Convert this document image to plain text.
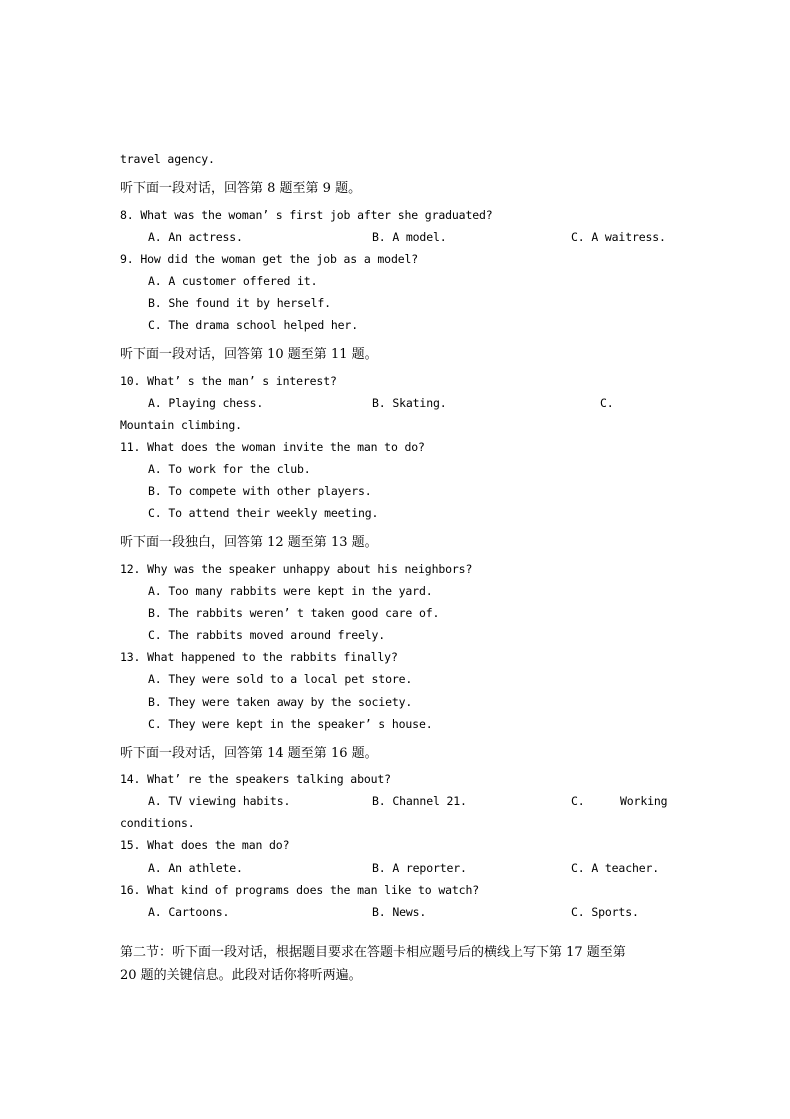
travel agency.
听下面一段对话，回答第 8 题至第 9 题。
8. What was the woman’ s first job after she graduated?
A. An actress.	B. A model.	C. A waitress.
9. How did the woman get the job as a model?
A. A customer offered it.
B. She found it by herself.
C. The drama school helped her.
听下面一段对话，回答第 10 题至第 11 题。
10. What’ s the man’ s interest?
A. Playing chess.	B. Skating.	C.
Mountain climbing.
11. What does the woman invite the man to do?
A. To work for the club.
B. To compete with other players.
C. To attend their weekly meeting.
听下面一段独白，回答第 12 题至第 13 题。
12. Why was the speaker unhappy about his neighbors?
A. Too many rabbits were kept in the yard.
B. The rabbits weren’ t taken good care of.
C. The rabbits moved around freely.
13. What happened to the rabbits finally?
A. They were sold to a local pet store.
B. They were taken away by the society.
C. They were kept in the speaker’ s house.
听下面一段对话，回答第 14 题至第 16 题。
14. What’ re the speakers talking about?
A. TV viewing habits.	B. Channel 21.	C.	Working
conditions.
15. What does the man do?
A. An athlete.	B. A reporter.	C. A teacher.
16. What kind of programs does the man like to watch?
A. Cartoons.	B. News.	C. Sports.
第二节：听下面一段对话，根据题目要求在答题卡相应题号后的横线上写下第 17 题至第
20 题的关键信息。此段对话你将听两遍。
